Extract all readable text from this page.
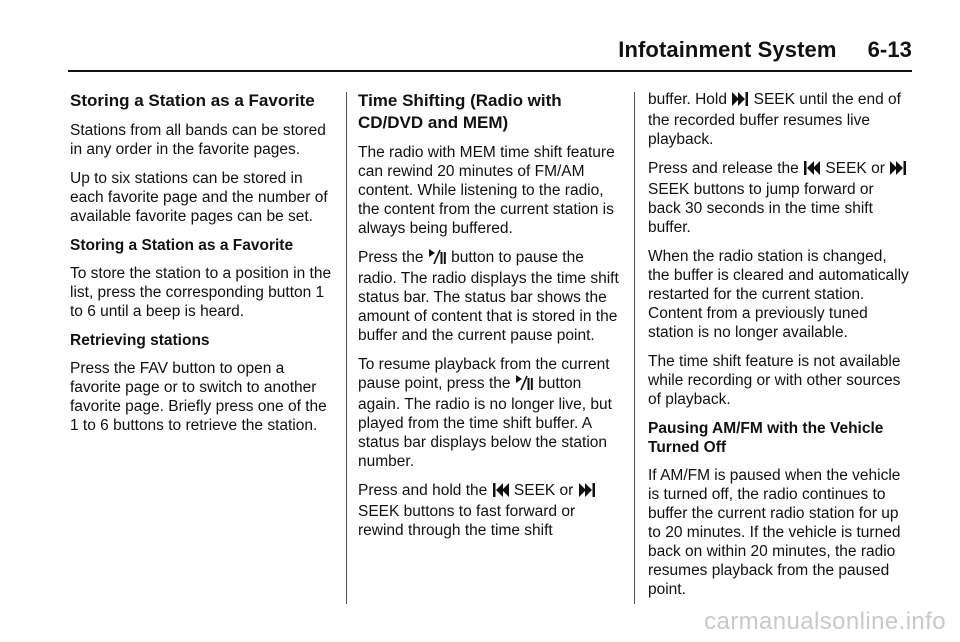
Infotainment System     6-13
Storing a Station as a Favorite

Stations from all bands can be stored in any order in the favorite pages.

Up to six stations can be stored in each favorite page and the number of available favorite pages can be set.

Storing a Station as a Favorite

To store the station to a position in the list, press the corresponding button 1 to 6 until a beep is heard.

Retrieving stations

Press the FAV button to open a favorite page or to switch to another favorite page. Briefly press one of the 1 to 6 buttons to retrieve the station.

Time Shifting (Radio with CD/DVD and MEM)

The radio with MEM time shift feature can rewind 20 minutes of FM/AM content. While listening to the radio, the content from the current station is always being buffered.

Press the button to pause the radio. The radio displays the time shift status bar. The status bar shows the amount of content that is stored in the buffer and the current pause point.

To resume playback from the current pause point, press the button again. The radio is no longer live, but played from the time shift buffer. A status bar displays below the station number.

Press and hold the SEEK or  SEEK buttons to fast forward or rewind through the time shift

buffer. Hold SEEK until the end of the recorded buffer resumes live playback.

Press and release the SEEK or  SEEK buttons to jump forward or back 30 seconds in the time shift buffer.

When the radio station is changed, the buffer is cleared and automatically restarted for the current station. Content from a previously tuned station is no longer available.

The time shift feature is not available while recording or with other sources of playback.

Pausing AM/FM with the Vehicle Turned Off

If AM/FM is paused when the vehicle is turned off, the radio continues to buffer the current radio station for up to 20 minutes. If the vehicle is turned back on within 20 minutes, the radio resumes playback from the paused point.

carmanualsonline.info
